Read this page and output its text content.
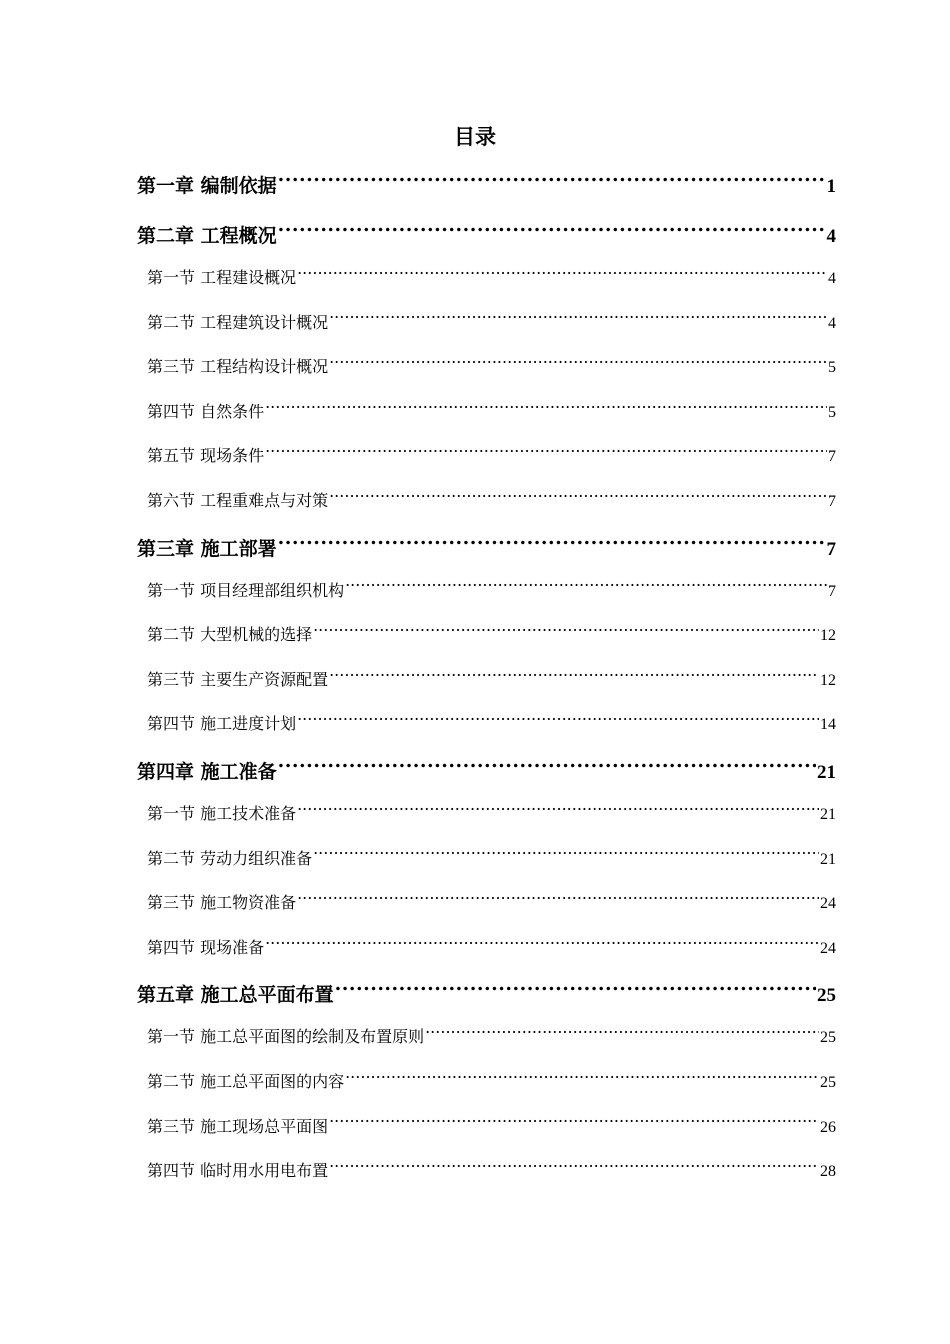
目录
第一章 编制依据 .....	1
第二章 工程概况 .....	4
第一节 工程建设概况 .....	4
第二节 工程建筑设计概况 .....	4
第三节 工程结构设计概况 .....	5
第四节 自然条件 .....	5
第五节 现场条件 .....	7
第六节 工程重难点与对策 .....	7
第三章 施工部署 .....	7
第一节 项目经理部组织机构 .....	7
第二节 大型机械的选择 .....	12
第三节 主要生产资源配置 .....	12
第四节 施工进度计划 .....	14
第四章 施工准备 .....	21
第一节 施工技术准备 .....	21
第二节 劳动力组织准备 .....	21
第三节 施工物资准备 .....	24
第四节 现场准备 .....	24
第五章 施工总平面布置 .....	25
第一节 施工总平面图的绘制及布置原则 .....	25
第二节 施工总平面图的内容 .....	25
第三节 施工现场总平面图 .....	26
第四节 临时用水用电布置 .....	28
